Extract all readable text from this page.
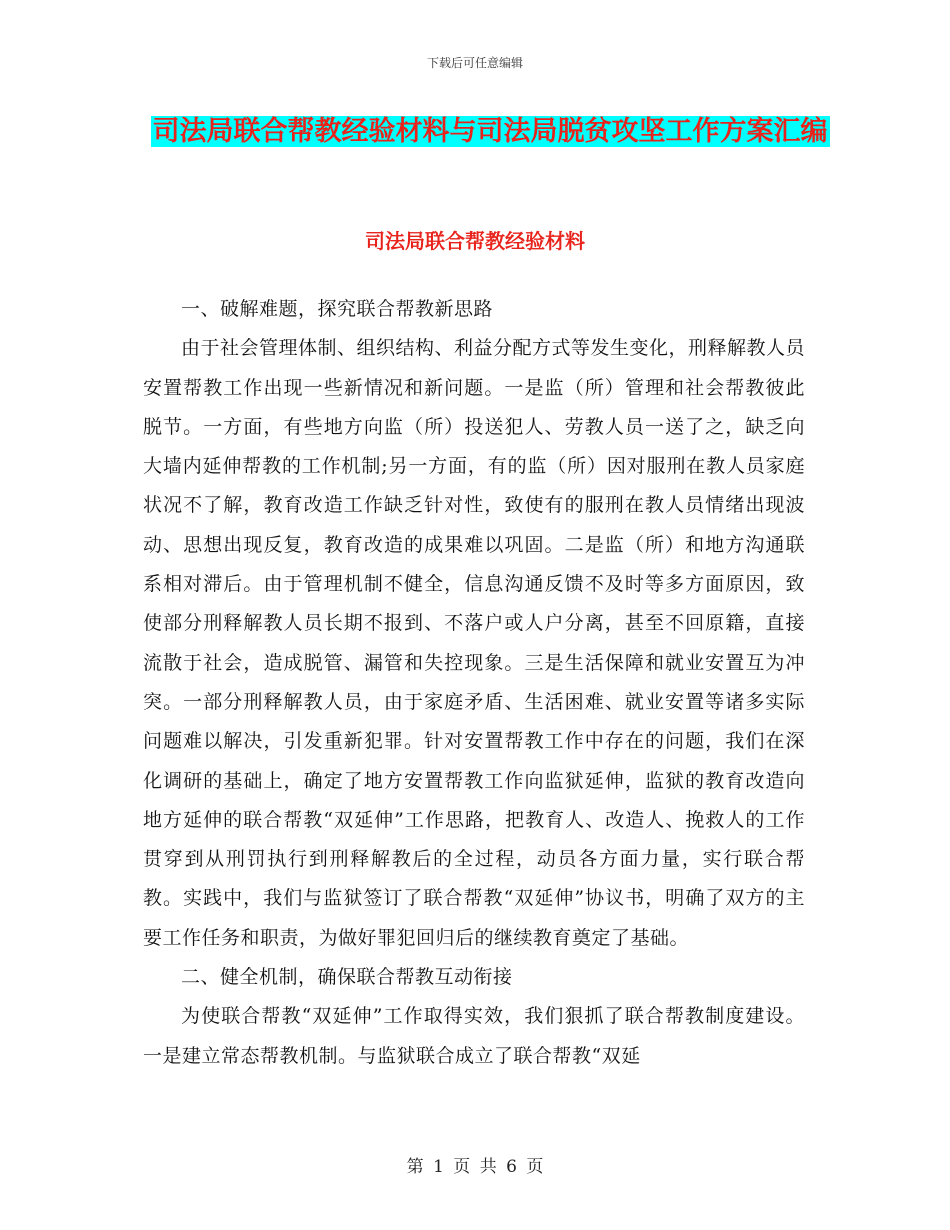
下载后可任意编辑
司法局联合帮教经验材料与司法局脱贫攻坚工作方案汇编
司法局联合帮教经验材料

一、破解难题，探究联合帮教新思路

由于社会管理体制、组织结构、利益分配方式等发生变化，刑释解教人员安置帮教工作出现一些新情况和新问题。一是监（所）管理和社会帮教彼此脱节。一方面，有些地方向监（所）投送犯人、劳教人员一送了之，缺乏向大墙内延伸帮教的工作机制;另一方面，有的监（所）因对服刑在教人员家庭状况不了解，教育改造工作缺乏针对性，致使有的服刑在教人员情绪出现波动、思想出现反复，教育改造的成果难以巩固。二是监（所）和地方沟通联系相对滞后。由于管理机制不健全，信息沟通反馈不及时等多方面原因，致使部分刑释解教人员长期不报到、不落户或人户分离，甚至不回原籍，直接流散于社会，造成脱管、漏管和失控现象。三是生活保障和就业安置互为冲突。一部分刑释解教人员，由于家庭矛盾、生活困难、就业安置等诸多实际问题难以解决，引发重新犯罪。针对安置帮教工作中存在的问题，我们在深化调研的基础上，确定了地方安置帮教工作向监狱延伸，监狱的教育改造向地方延伸的联合帮教“双延伸”工作思路，把教育人、改造人、挽救人的工作贯穿到从刑罚执行到刑释解教后的全过程，动员各方面力量，实行联合帮教。实践中，我们与监狱签订了联合帮教“双延伸”协议书，明确了双方的主要工作任务和职责，为做好罪犯回归后的继续教育奠定了基础。

二、健全机制，确保联合帮教互动衔接

为使联合帮教“双延伸”工作取得实效，我们狠抓了联合帮教制度建设。一是建立常态帮教机制。与监狱联合成立了联合帮教“双延

第 1 页 共 6 页
